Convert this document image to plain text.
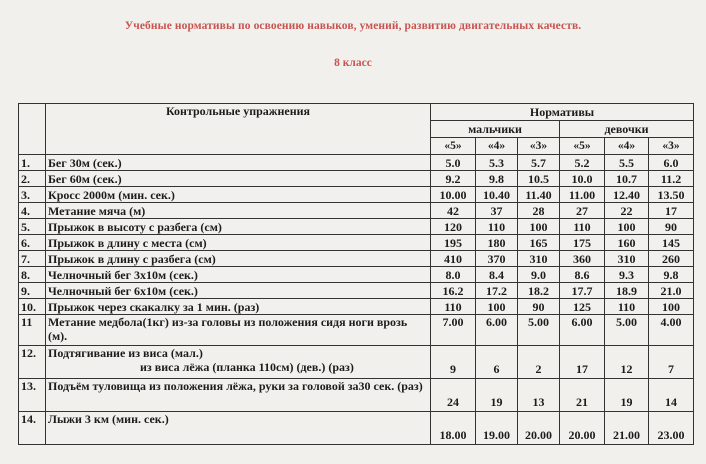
Учебные нормативы по освоению навыков, умений, развитию двигательных качеств.
8 класс
	Контрольные упражнения	Нормативы					
		мальчики			девочки		
		«5»	«4»	«3»	«5»	«4»	«3»
1.	Бег 30м (сек.)	5.0	5.3	5.7	5.2	5.5	6.0
2.	Бег 60м (сек.)	9.2	9.8	10.5	10.0	10.7	11.2
3.	Кросс 2000м (мин. сек.)	10.00	10.40	11.40	11.00	12.40	13.50
4.	Метание мяча (м)	42	37	28	27	22	17
5.	Прыжок в высоту с разбега (см)	120	110	100	110	100	90
6.	Прыжок в длину с места (см)	195	180	165	175	160	145
7.	Прыжок в длину с разбега (см)	410	370	310	360	310	260
8.	Челночный бег 3х10м (сек.)	8.0	8.4	9.0	8.6	9.3	9.8
9.	Челночный бег 6х10м (сек.)	16.2	17.2	18.2	17.7	18.9	21.0
10.	Прыжок через скакалку за 1 мин. (раз)	110	100	90	125	110	100
11	Метание медбола(1кг) из-за головы из положения сидя ноги врозь (м).	7.00	6.00	5.00	6.00	5.00	4.00
12.	Подтягивание из виса (мал.)
из виса лёжа (планка 110см) (дев.) (раз)	9	6	2	17	12	7
13.	Подъём туловища из положения лёжа, руки за головой за30 сек. (раз)	24	19	13	21	19	14
14.	Лыжи 3 км (мин. сек.)	18.00	19.00	20.00	20.00	21.00	23.00
